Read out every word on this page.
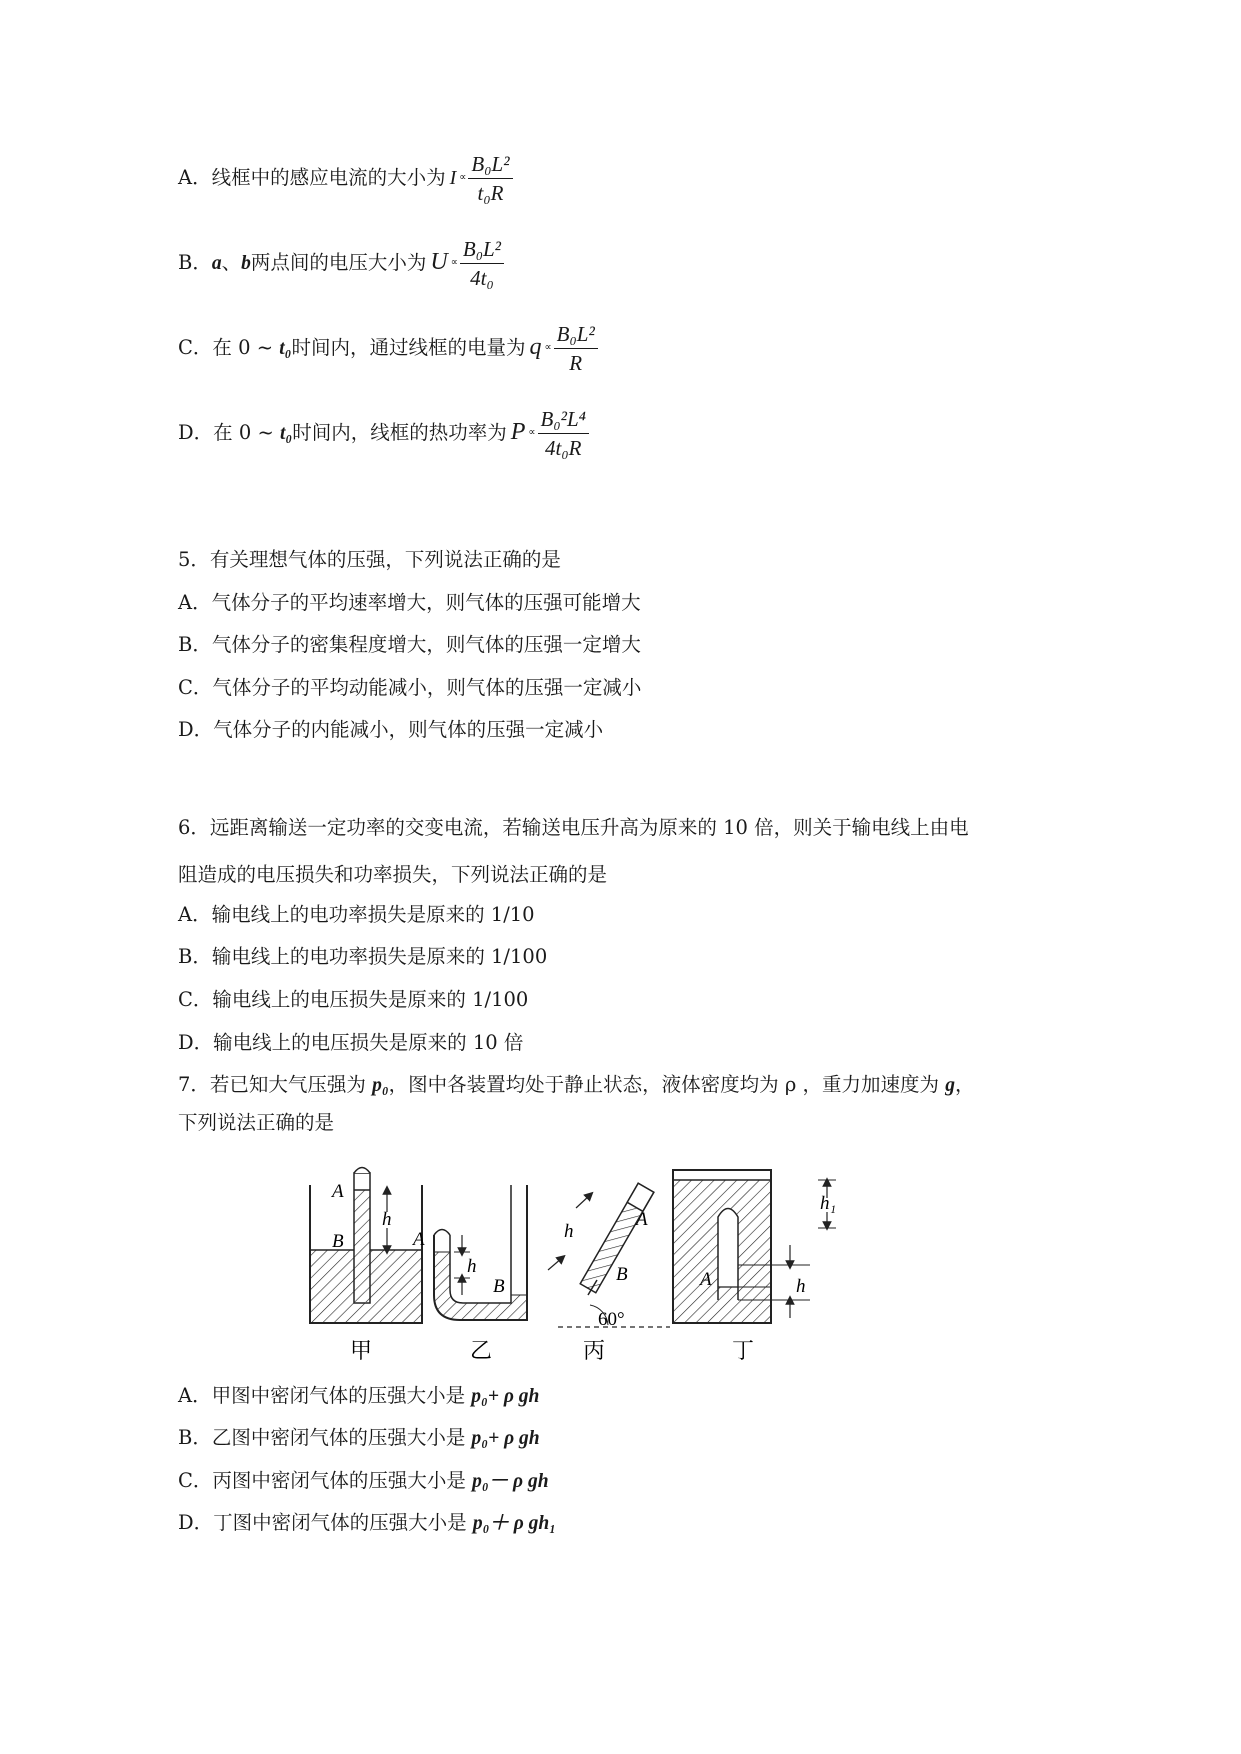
A．线框中的感应电流的大小为 I $^\propto \frac{\text{B₀L²}}{\text{t₀R}}$
B．a、b两点间的电压大小为 U $^\propto \frac{\text{B₀L²}}{\text{4t₀}}$
C．在 0 ~ t₀时间内，通过线框的电量为 q $^\propto \frac{\text{B₀L²}}{R}$
D．在 0 ~ t₀时间内，线框的热功率为 P $^\propto \frac{\text{B₀²L⁴}}{\text{4t₀R}}$
5．有关理想气体的压强，下列说法正确的是
A．气体分子的平均速率增大，则气体的压强可能增大
B．气体分子的密集程度增大，则气体的压强一定增大
C．气体分子的平均动能减小，则气体的压强一定减小
D．气体分子的内能减小，则气体的压强一定减小
6．远距离输送一定功率的交变电流，若输送电压升高为原来的 10 倍，则关于输电线上由电
阻造成的电压损失和功率损失，下列说法正确的是
A．输电线上的电功率损失是原来的 1/10
B．输电线上的电功率损失是原来的 1/100
C．输电线上的电压损失是原来的 1/100
D．输电线上的电压损失是原来的 10 倍
7．若已知大气压强为 p₀，图中各装置均处于静止状态，液体密度均为 ρ ，重力加速度为 g，
下列说法正确的是
A
B
h
A
B
h
A
B
h
60°
A	h
h₁
甲	乙	丙	丁
A．甲图中密闭气体的压强大小是 p₀+ ρ gh
B．乙图中密闭气体的压强大小是 p₀+ ρ gh
C．丙图中密闭气体的压强大小是 p₀－ ρ gh
D．丁图中密闭气体的压强大小是 p₀＋ ρ gh₁
